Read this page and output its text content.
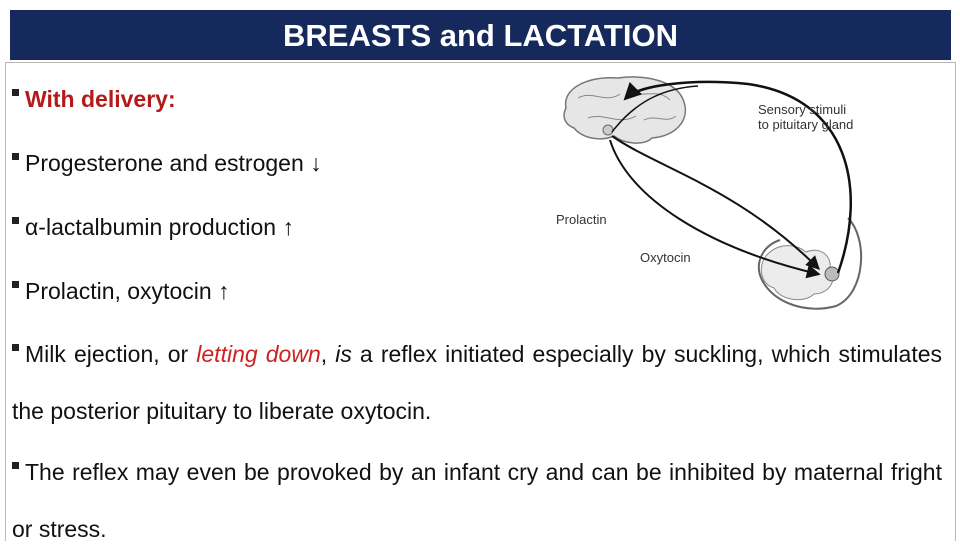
BREASTS and LACTATION
With delivery:
Progesterone and estrogen ↓
α-lactalbumin production ↑
Prolactin, oxytocin ↑
Milk ejection, or letting down, is a reflex initiated especially by suckling, which stimulates the posterior pituitary to liberate oxytocin.
The reflex may even be provoked by an infant cry and can be inhibited by maternal fright or stress.
Sensory stimuli
to pituitary gland
Prolactin
Oxytocin
